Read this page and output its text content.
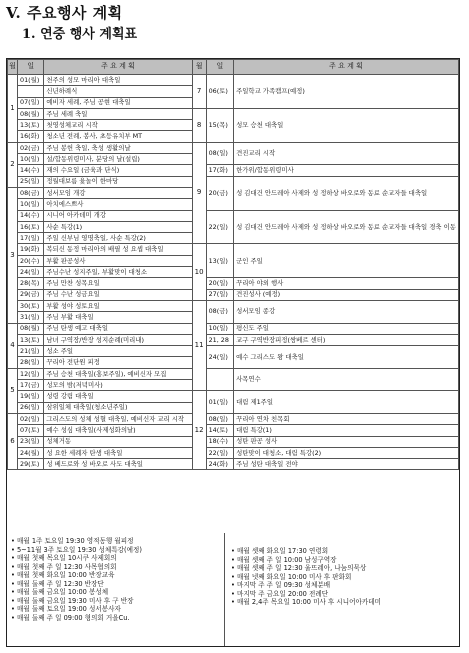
V. 주요행사 계획
1. 연중 행사 계획표
월	일	주 요 계 획	월	일	주 요 계 획
1	01(월)	천주의 성모 마리아 대축일	7	06(토)	주일학교 가족캠프(예정)
		신년하례식			
	07(일)	예비자 세례, 주님 공현 대축일			
	08(월)	주님 세례 축일	8	15(목)	성모 승천 대축일
	13(토)	첫영성체교리 시작			
	16(화)	청소년 전례, 봉사, 초등유치부 MT			
2	02(금)	주님 봉헌 축일, 축성 생활의날	9	08(일)	견진교리 시작
	10(일)	설/합동위령미사, 분당의 날(설립)			
	14(수)	재의 수요일 (금육과 단식)		17(화)	한가위/합동위령미사
	25(일)	정월대보름 윷놀이 한마당		20(금)	성 김대건 안드레아 사제와 성 정하상 바오로와 동료 순교자들 대축일
3	08(금)	성서모임 개강			
	10(일)	아치에스쁘사			
	14(수)	시니어 아카데미 개강		22(일)	성 김대건 안드레아 사제와 성 정하상 바오로와 동료 순교자들 대축일 경축 이동
	16(토)	사순 특강(1)			
	17(일)	주일 신부님 영명축일, 사순 특강(2)			
	19(화)	복되신 동정 마리아의 배필 성 요셉 대축일	10	13(일)	군인 주일
	20(수)	부활 판공성사			
	24(일)	주님수난 성지주일, 부활맞이 대청소			
	28(목)	주님 만찬 성목요일		20(일)	꾸리아 야외 행사
	29(금)	주님 수난 성금요일		27(일)	견진성사 (예정)
	30(토)	부활 성야 성토요일	11	08(금)	성서모임 종강
	31(일)	주님 부활 대축일			
4	08(월)	주님 탄생 예고 대축일		10(일)	평신도 주일
	13(토)	남녀 구역장/반장 성지순례(미리내)		21, 28	교구 구역반장피정(쌍베르 센터)
	21(일)	성소 주일		24(일)	예수 그리스도 왕 대축일
	28(일)	꾸리아 전단원 피정			
5	12(일)	주님 승천 대축일(홍보주일), 예비신자 모집			사목연수
	17(금)	성모의 밤(저녁미사)			
	19(일)	성령 강림 대축일	12	01(일)	대림 제1주일
	26(일)	삼위일체 대축일(청소년주일)			
6	02(일)	그리스도의 성체 성혈 대축일, 예비신자 교리 시작		08(일)	꾸리아 연차 친목회
	07(토)	예수 성심 대축일(사제성화의날)		14(토)	대림 특강(1)
	23(일)	성체거동		18(수)	성탄 판공 성사
	24(월)	성 요한 세례자 탄생 대축일		22(일)	성탄맞이 대청소, 대림 특강(2)
	29(토)	성 베드로와 성 바오로 사도 대축일		24(화)	주님 성탄 대축일 전야
• 매월 1주 토요일 19:30 영적동행 월피정
• 5~11월 3주 토요일 19:30 성체특강(예정)
• 매월 첫째 목요일 10시쿠 사제회의
• 매월 첫째 주 일 12:30 사목협의회
• 매월 첫째 화요일 10:00 반장교육
• 매월 둘째 주 일 12:30 반장단
• 매월 둘째 금요일 10:00 봉성체
• 매월 둘째 금요일 19:30 미사 후 구 반장
• 매월 둘째 토요일 19:00 성서봉사자
• 매월 둘째 주 일 09:00 형의회 거을Cu.
• 매월 셋째 화요일 17:30 연령회
• 매월 셋째 주 일 10:00 남성구역장
• 매월 셋째 주 일 12:30 울뜨레아, 나눔의묵상
• 매월 넷째 화요일 10:00 미사 후 판화회
• 마지막 주 주 일 09:30 성체분배
• 마지막 주 금요일 20:00 전례단
• 매월 2,4주 목요일 10:00 미사 후 시니어아카데미
